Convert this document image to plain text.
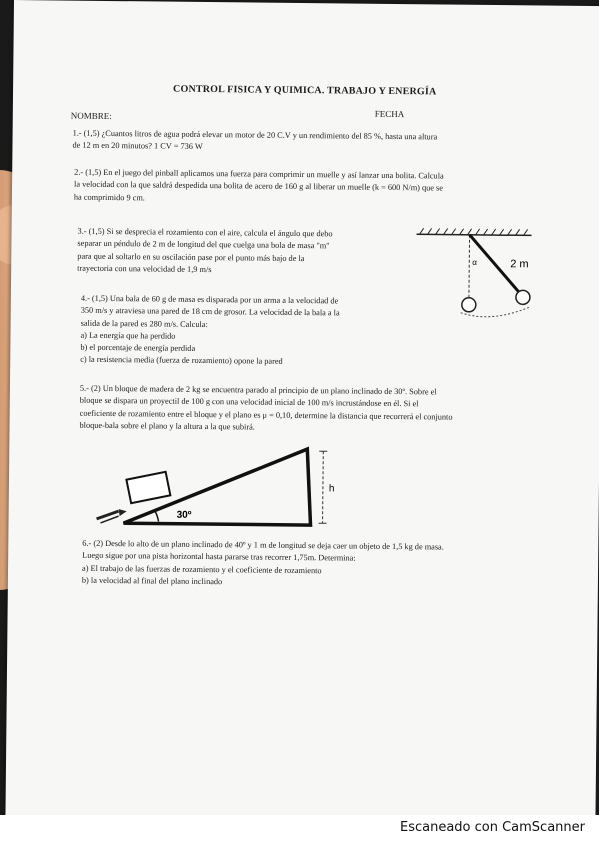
CONTROL FISICA Y QUIMICA. TRABAJO Y ENERGÍA
NOMBRE:	FECHA

1.- (1,5) ¿Cuantos litros de agua podrá elevar un motor de 20 C.V y un rendimiento del 85 %, hasta una altura

de 12 m en 20 minutos? 1 CV = 736 W

2.- (1,5) En el juego del pinball aplicamos una fuerza para comprimir un muelle y así lanzar una bolita. Calcula

la velocidad con la que saldrá despedida una bolita de acero de 160 g al liberar un muelle (k = 600 N/m) que se

ha comprimido 9 cm.

3.- (1,5) Si se desprecia el rozamiento con el aire, calcula el ángulo que debo

separar un péndulo de 2 m de longitud del que cuelga una bola de masa "m"

para que al soltarlo en su oscilación pase por el punto más bajo de la

trayectoria con una velocidad de 1,9 m/s

α	2 m

4.- (1,5) Una bala de 60 g de masa es disparada por un arma a la velocidad de

350 m/s y atraviesa una pared de 18 cm de grosor. La velocidad de la bala a la

salida de la pared es 280 m/s. Calcula:

a) La energía que ha perdido

b) el porcentaje de energía perdida

c) la resistencia media (fuerza de rozamiento) opone la pared

5.- (2) Un bloque de madera de 2 kg se encuentra parado al principio de un plano inclinado de 30º. Sobre el

bloque se dispara un proyectil de 100 g con una velocidad inicial de 100 m/s incrustándose en él. Si el

coeficiente de rozamiento entre el bloque y el plano es μ = 0,10, determine la distancia que recorrerá el conjunto

bloque-bala sobre el plano y la altura a la que subirá.

30º
h

6.- (2) Desde lo alto de un plano inclinado de 40º y 1 m de longitud se deja caer un objeto de 1,5 kg de masa.

Luego sigue por una pista horizontal hasta pararse tras recorrer 1,75m. Determina:

a) El trabajo de las fuerzas de rozamiento y el coeficiente de rozamiento

b) la velocidad al final del plano inclinado

Escaneado con CamScanner
